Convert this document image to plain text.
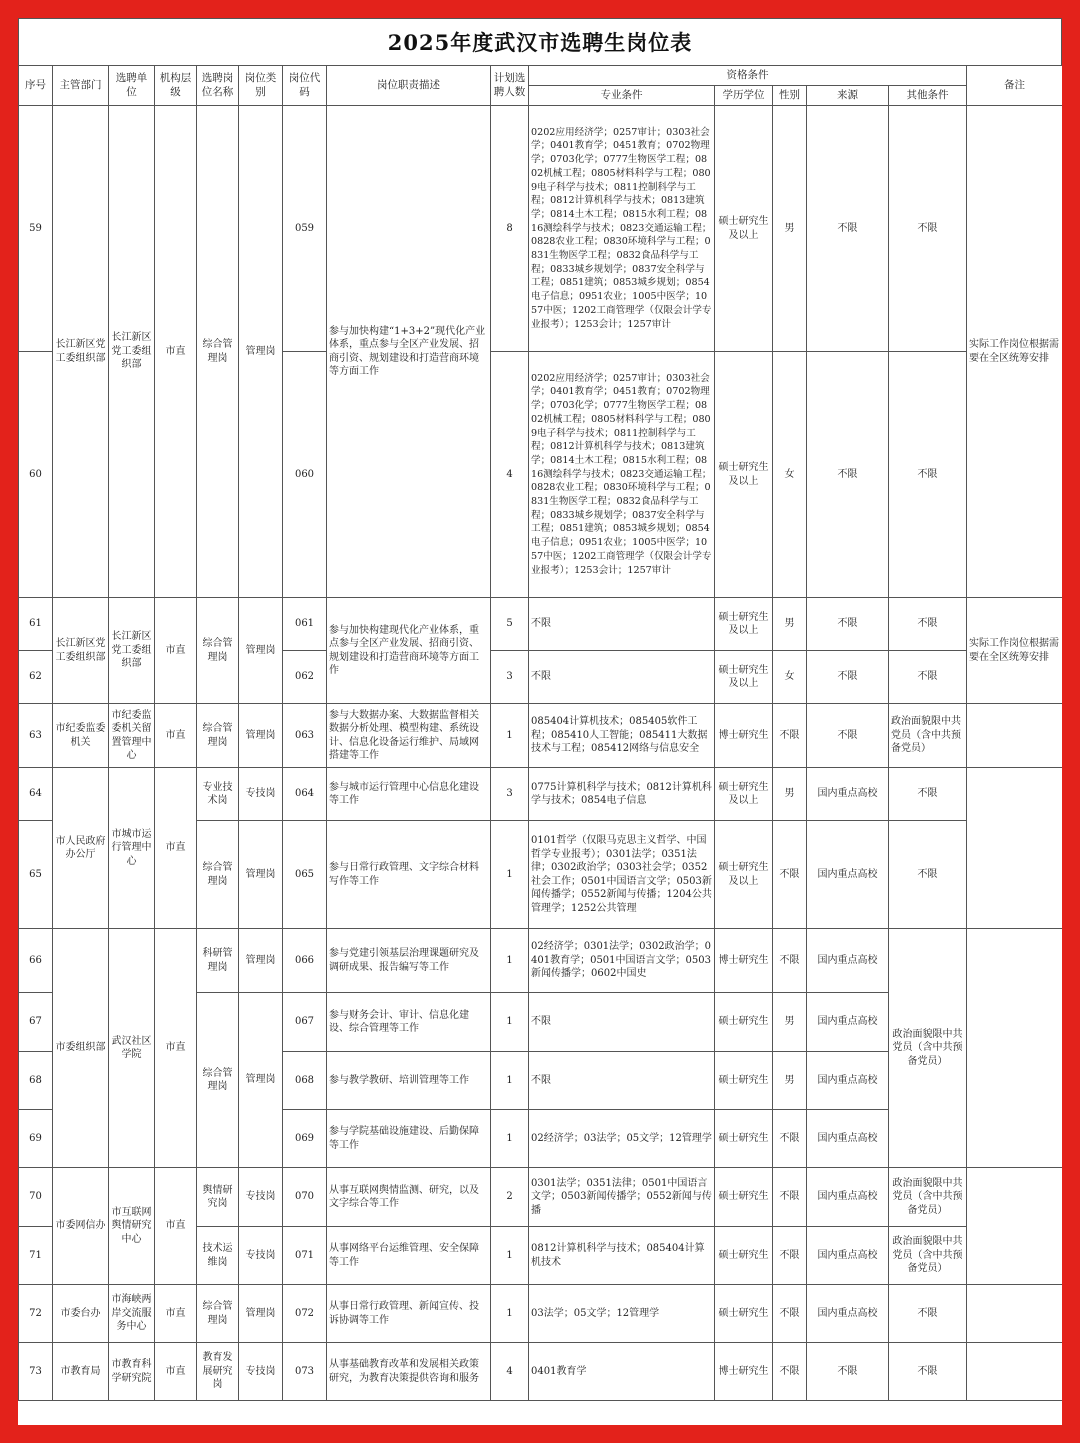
2025年度武汉市选聘生岗位表
序号	主管部门	选聘单位	机构层级	选聘岗位名称	岗位类别	岗位代码	岗位职责描述	计划选聘人数	资格条件					备注
									专业条件	学历学位	性别	来源	其他条件	
59	长江新区党工委组织部	长江新区党工委组织部	市直	综合管理岗	管理岗	059	参与加快构建“1+3+2”现代化产业体系，重点参与全区产业发展、招商引资、规划建设和打造营商环境等方面工作	8	0202应用经济学；0257审计；0303社会学；0401教育学；0451教育；0702物理学；0703化学；0777生物医学工程；0802机械工程；0805材料科学与工程；0809电子科学与技术；0811控制科学与工程；0812计算机科学与技术；0813建筑学；0814土木工程；0815水利工程；0816测绘科学与技术；0823交通运输工程；0828农业工程；0830环境科学与工程；0831生物医学工程；0832食品科学与工程；0833城乡规划学；0837安全科学与工程；0851建筑；0853城乡规划；0854电子信息；0951农业；1005中医学；1057中医；1202工商管理学（仅限会计学专业报考）；1253会计；1257审计	硕士研究生及以上	男	不限	不限	实际工作岗位根据需要在全区统筹安排
60						060		4	0202应用经济学；0257审计；0303社会学；0401教育学；0451教育；0702物理学；0703化学；0777生物医学工程；0802机械工程；0805材料科学与工程；0809电子科学与技术；0811控制科学与工程；0812计算机科学与技术；0813建筑学；0814土木工程；0815水利工程；0816测绘科学与技术；0823交通运输工程；0828农业工程；0830环境科学与工程；0831生物医学工程；0832食品科学与工程；0833城乡规划学；0837安全科学与工程；0851建筑；0853城乡规划；0854电子信息；0951农业；1005中医学；1057中医；1202工商管理学（仅限会计学专业报考）；1253会计；1257审计	硕士研究生及以上	女	不限	不限	
61	长江新区党工委组织部	长江新区党工委组织部	市直	综合管理岗	管理岗	061	参与加快构建现代化产业体系，重点参与全区产业发展、招商引资、规划建设和打造营商环境等方面工作	5	不限	硕士研究生及以上	男	不限	不限	实际工作岗位根据需要在全区统筹安排
62						062		3	不限	硕士研究生及以上	女	不限	不限	
63	市纪委监委机关	市纪委监委机关留置管理中心	市直	综合管理岗	管理岗	063	参与大数据办案、大数据监督相关数据分析处理、模型构建、系统设计、信息化设备运行维护、局域网搭建等工作	1	085404计算机技术；085405软件工程；085410人工智能；085411大数据技术与工程；085412网络与信息安全	博士研究生	不限	不限	政治面貌限中共党员（含中共预备党员）	
64	市人民政府办公厅	市城市运行管理中心	市直	专业技术岗	专技岗	064	参与城市运行管理中心信息化建设等工作	3	0775计算机科学与技术；0812计算机科学与技术；0854电子信息	硕士研究生及以上	男	国内重点高校	不限	
65				综合管理岗	管理岗	065	参与日常行政管理、文字综合材料写作等工作	1	0101哲学（仅限马克思主义哲学、中国哲学专业报考）；0301法学；0351法律；0302政治学；0303社会学；0352社会工作；0501中国语言文学；0503新闻传播学；0552新闻与传播；1204公共管理学；1252公共管理	硕士研究生及以上	不限	国内重点高校	不限	
66	市委组织部	武汉社区学院	市直	科研管理岗	管理岗	066	参与党建引领基层治理课题研究及调研成果、报告编写等工作	1	02经济学；0301法学；0302政治学；0401教育学；0501中国语言文学；0503新闻传播学；0602中国史	博士研究生	不限	国内重点高校	政治面貌限中共党员（含中共预备党员）	
67				综合管理岗	管理岗	067	参与财务会计、审计、信息化建设、综合管理等工作	1	不限	硕士研究生	男	国内重点高校		
68						068	参与教学教研、培训管理等工作	1	不限	硕士研究生	男	国内重点高校		
69						069	参与学院基础设施建设、后勤保障等工作	1	02经济学；03法学；05文学；12管理学	硕士研究生	不限	国内重点高校		
70	市委网信办	市互联网舆情研究中心	市直	舆情研究岗	专技岗	070	从事互联网舆情监测、研究，以及文字综合等工作	2	0301法学；0351法律；0501中国语言文学；0503新闻传播学；0552新闻与传播	硕士研究生	不限	国内重点高校	政治面貌限中共党员（含中共预备党员）	
71				技术运维岗	专技岗	071	从事网络平台运维管理、安全保障等工作	1	0812计算机科学与技术；085404计算机技术	硕士研究生	不限	国内重点高校	政治面貌限中共党员（含中共预备党员）	
72	市委台办	市海峡两岸交流服务中心	市直	综合管理岗	管理岗	072	从事日常行政管理、新闻宣传、投诉协调等工作	1	03法学；05文学；12管理学	硕士研究生	不限	国内重点高校	不限	
73	市教育局	市教育科学研究院	市直	教育发展研究岗	专技岗	073	从事基础教育改革和发展相关政策研究，为教育决策提供咨询和服务	4	0401教育学	博士研究生	不限	不限	不限	
